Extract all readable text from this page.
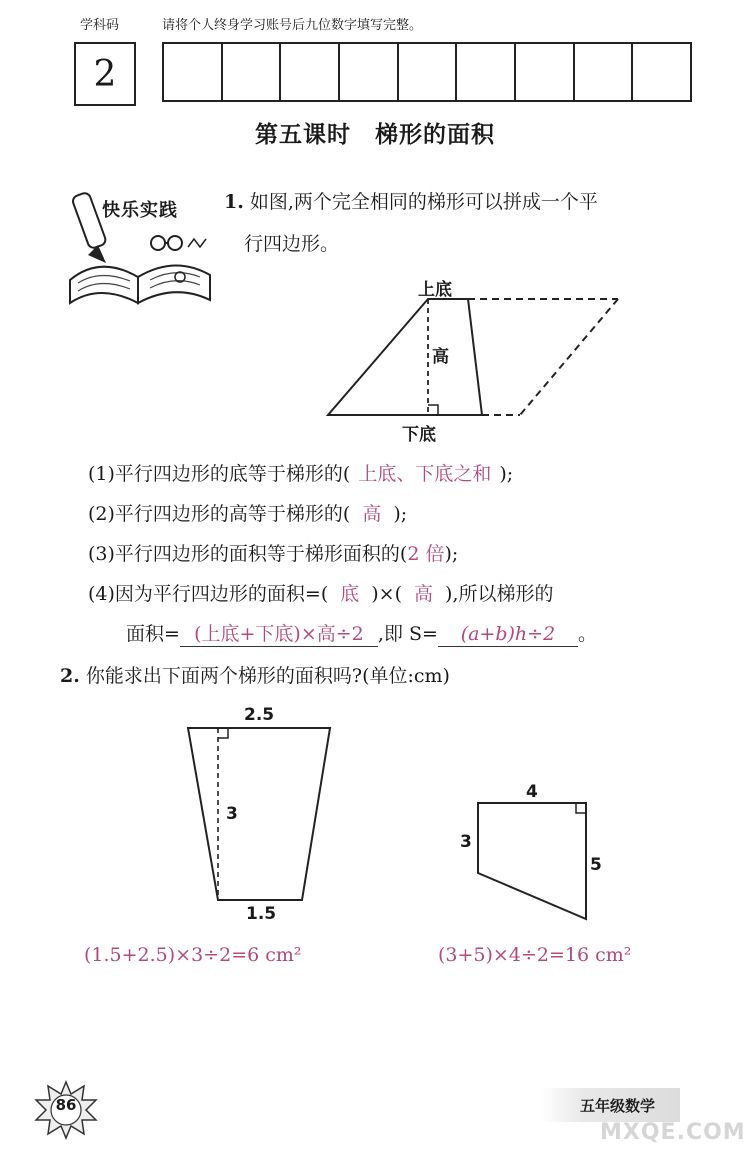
学科码	请将个人终身学习账号后九位数字填写完整。
2
第五课时　梯形的面积
快乐实践 1. 如图,两个完全相同的梯形可以拼成一个平
行四边形。
上底
高
下底
(1)平行四边形的底等于梯形的( 上底、下底之和 );
(2)平行四边形的高等于梯形的( 高 );
(3)平行四边形的面积等于梯形面积的(2 倍);
(4)因为平行四边形的面积=( 底 )×( 高 ),所以梯形的
面积= (上底+下底)×高÷2 ,即 S= (a+b)h÷2 。
2. 你能求出下面两个梯形的面积吗?(单位:cm)
2.5
3
1.5
(1.5+2.5)×3÷2=6 cm²
4
3
5
(3+5)×4÷2=16 cm²
86	五年级数学
MXQE.COM
